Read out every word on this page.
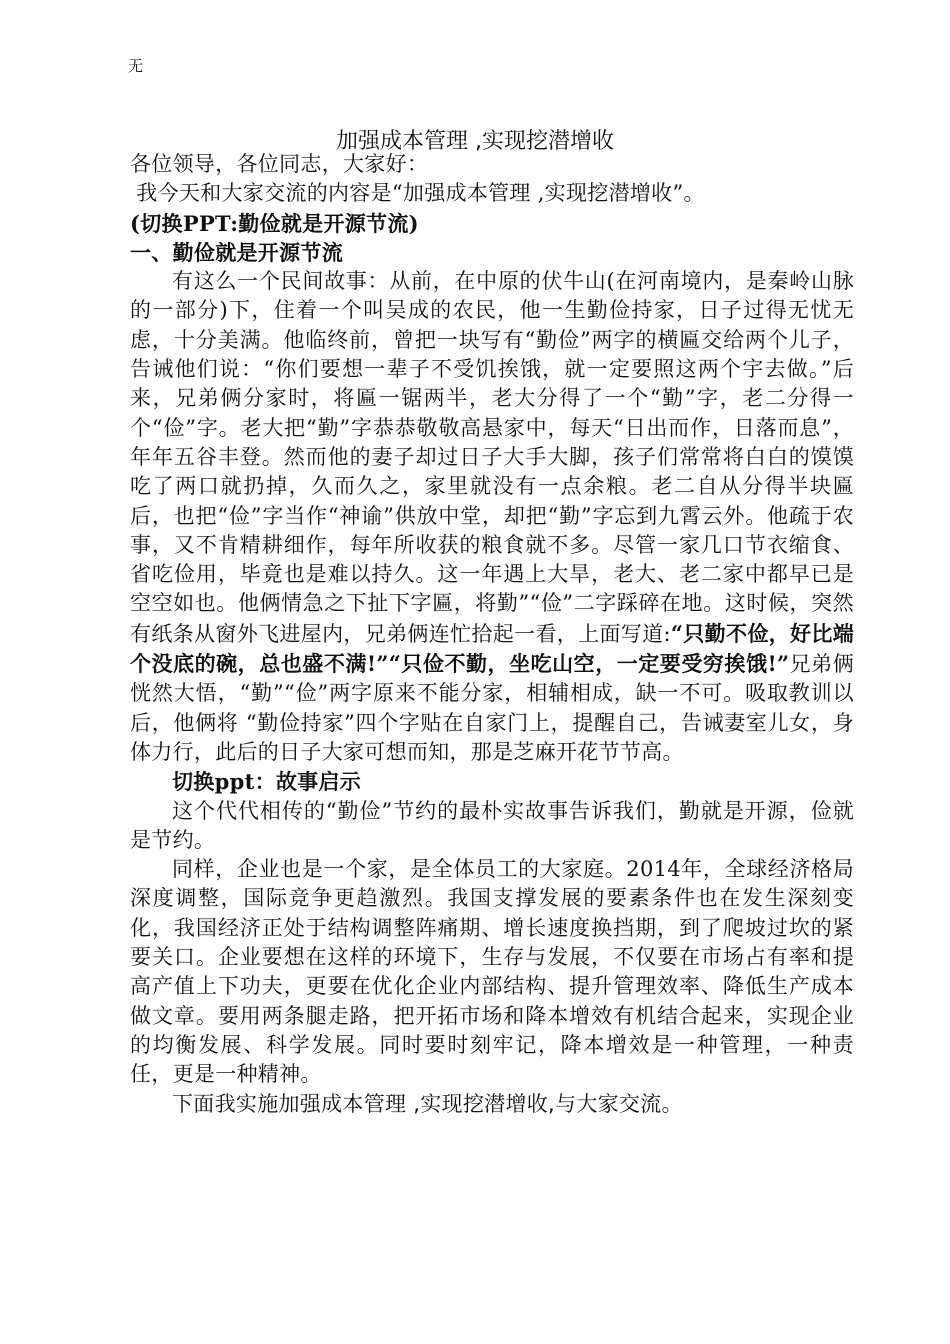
无
加强成本管理 ,实现挖潜增收

各位领导，各位同志，大家好：

我今天和大家交流的内容是“加强成本管理 ,实现挖潜增收”。

(切换PPT:勤俭就是开源节流)

一、勤俭就是开源节流

有这么一个民间故事：从前，在中原的伏牛山(在河南境内，是秦岭山脉的一部分)下，住着一个叫吴成的农民，他一生勤俭持家，日子过得无忧无虑，十分美满。他临终前，曾把一块写有“勤俭”两字的横匾交给两个儿子，告诫他们说：“你们要想一辈子不受饥挨饿，就一定要照这两个宇去做。”后来，兄弟俩分家时，将匾一锯两半，老大分得了一个“勤”字，老二分得一个“俭”字。老大把“勤”字恭恭敬敬高悬家中，每天“日出而作，日落而息”，年年五谷丰登。然而他的妻子却过日子大手大脚，孩子们常常将白白的馍馍吃了两口就扔掉，久而久之，家里就没有一点余粮。老二自从分得半块匾后，也把“俭”字当作“神谕”供放中堂，却把“勤”字忘到九霄云外。他疏于农事，又不肯精耕细作，每年所收获的粮食就不多。尽管一家几口节衣缩食、省吃俭用，毕竟也是难以持久。这一年遇上大旱，老大、老二家中都早已是空空如也。他俩情急之下扯下字匾，将勤”“俭”二字踩碎在地。这时候，突然有纸条从窗外飞进屋内，兄弟俩连忙拾起一看，上面写道:“只勤不俭，好比端个没底的碗，总也盛不满!”“只俭不勤，坐吃山空，一定要受穷挨饿!”兄弟俩恍然大悟，“勤”“俭”两字原来不能分家，相辅相成，缺一不可。吸取教训以后，他俩将 “勤俭持家”四个字贴在自家门上，提醒自己，告诫妻室儿女，身体力行，此后的日子大家可想而知，那是芝麻开花节节高。

切换ppt：故事启示

这个代代相传的“勤俭”节约的最朴实故事告诉我们，勤就是开源，俭就是节约。

同样，企业也是一个家，是全体员工的大家庭。2014年，全球经济格局深度调整，国际竞争更趋激烈。我国支撑发展的要素条件也在发生深刻变化，我国经济正处于结构调整阵痛期、增长速度换挡期，到了爬坡过坎的紧要关口。企业要想在这样的环境下，生存与发展，不仅要在市场占有率和提高产值上下功夫，更要在优化企业内部结构、提升管理效率、降低生产成本做文章。要用两条腿走路，把开拓市场和降本增效有机结合起来，实现企业的均衡发展、科学发展。同时要时刻牢记，降本增效是一种管理，一种责任，更是一种精神。

下面我实施加强成本管理 ,实现挖潜增收,与大家交流。
